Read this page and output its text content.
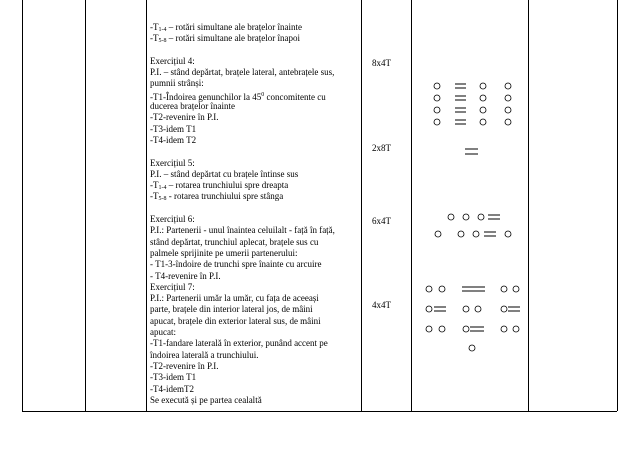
-T1-4 – rotări simultane ale brațelor înainte
-T5-8 – rotări simultane ale brațelor înapoi
Exercițiul 4:
P.I. – stând depărtat, brațele lateral, antebrațele sus,
pumnii strânși:
-T1-Îndoirea genunchilor la $45^0$ concomitente cu
ducerea brațelor înainte
-T2-revenire în P.I.
-T3-idem T1
-T4-idem T2
Exercițiul 5:
P.I. – stând depărtat cu brațele întinse sus
-T1-4 – rotarea trunchiului spre dreapta
-T5-8 - rotarea trunchiului spre stânga
Exercițiul 6:
P.I.: Partenerii - unul înaintea celuilalt - față în față,
stând depărtat, trunchiul aplecat, brațele sus cu
palmele sprijinite pe umerii partenerului:
- T1-3-îndoire de trunchi spre înainte cu arcuire
- T4-revenire în P.I.
Exercițiul 7:
P.I.: Partenerii umăr la umăr, cu fața de aceeași
parte, brațele din interior lateral jos, de mâini
apucat, brațele din exterior lateral sus, de mâini
apucat:
-T1-fandare laterală în exterior, punând accent pe
îndoirea laterală a trunchiului.
-T2-revenire în P.I.
-T3-idem T1
-T4-idemT2
Se execută și pe partea cealaltă
8x4T
2x8T
6x4T
4x4T
